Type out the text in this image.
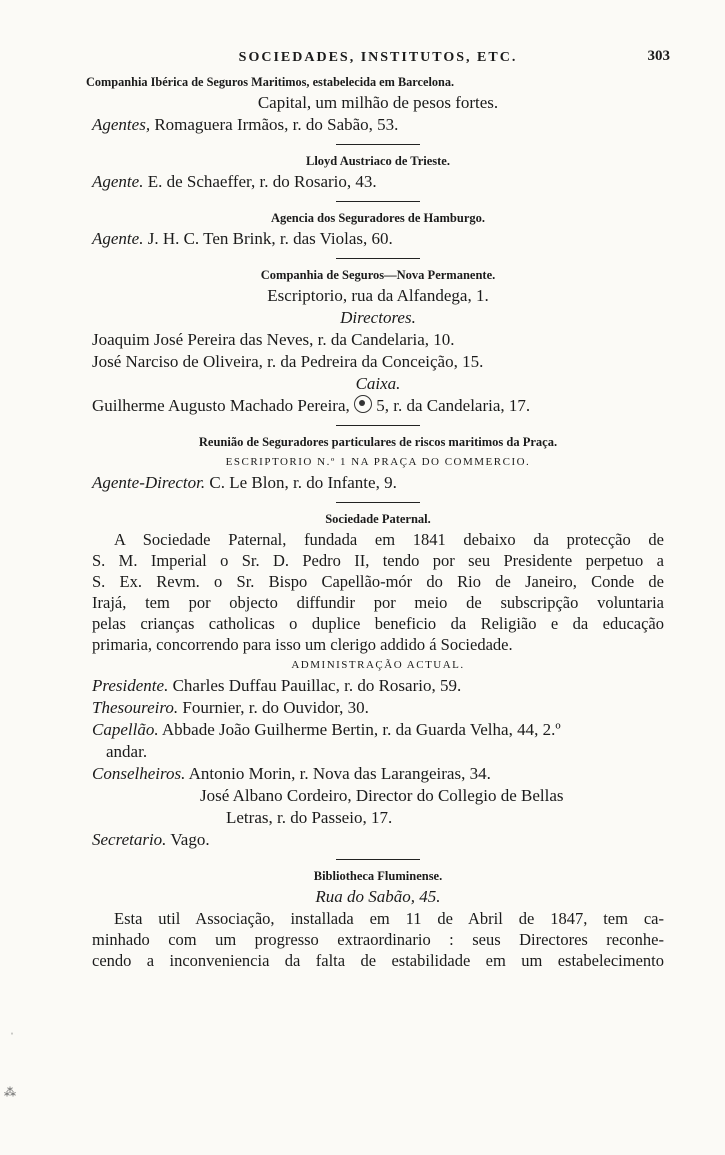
SOCIEDADES, INSTITUTOS, ETC.	303
Companhia Ibérica de Seguros Maritimos, estabelecida em Barcelona.
Capital, um milhão de pesos fortes.
Agentes, Romaguera Irmãos, r. do Sabão, 53.
Lloyd Austriaco de Trieste.
Agente. E. de Schaeffer, r. do Rosario, 43.
Agencia dos Seguradores de Hamburgo.
Agente. J. H. C. Ten Brink, r. das Violas, 60.
Companhia de Seguros—Nova Permanente.
Escriptorio, rua da Alfandega, 1.
Directores.
Joaquim José Pereira das Neves, r. da Candelaria, 10.
José Narciso de Oliveira, r. da Pedreira da Conceição, 15.
Caixa.
Guilherme Augusto Machado Pereira,  5, r. da Candelaria, 17.
Reunião de Seguradores particulares de riscos maritimos da Praça.
ESCRIPTORIO N.º 1 NA PRAÇA DO COMMERCIO.
Agente-Director. C. Le Blon, r. do Infante, 9.
Sociedade Paternal.
A Sociedade Paternal, fundada em 1841 debaixo da protecção de
S. M. Imperial o Sr. D. Pedro II, tendo por seu Presidente perpetuo a
S. Ex. Revm. o Sr. Bispo Capellão-mór do Rio de Janeiro, Conde de
Irajá, tem por objecto diffundir por meio de subscripção voluntaria
pelas crianças catholicas o duplice beneficio da Religião e da educação
primaria, concorrendo para isso um clerigo addido á Sociedade.
ADMINISTRAÇÃO ACTUAL.
Presidente. Charles Duffau Pauillac, r. do Rosario, 59.
Thesoureiro. Fournier, r. do Ouvidor, 30.
Capellão. Abbade João Guilherme Bertin, r. da Guarda Velha, 44, 2.º
andar.
Conselheiros. Antonio Morin, r. Nova das Larangeiras, 34.
José Albano Cordeiro, Director do Collegio de Bellas
Letras, r. do Passeio, 17.
Secretario. Vago.
Bibliotheca Fluminense.
Rua do Sabão, 45.
Esta util Associação, installada em 11 de Abril de 1847, tem ca-
minhado com um progresso extraordinario : seus Directores reconhe-
cendo a inconveniencia da falta de estabilidade em um estabelecimento
⁂
ˈ
